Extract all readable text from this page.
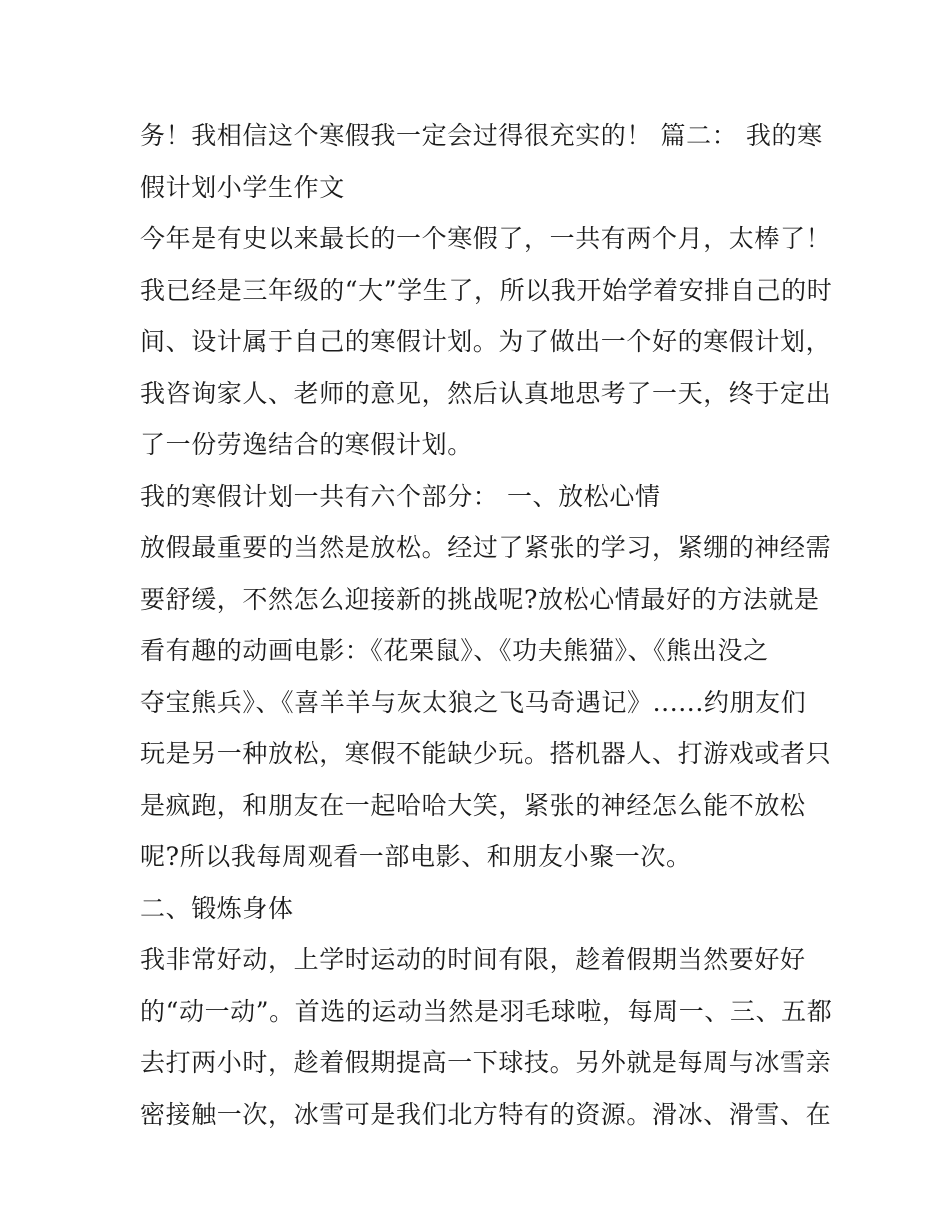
务！我相信这个寒假我一定会过得很充实的！ 篇二： 我的寒
假计划小学生作文
今年是有史以来最长的一个寒假了，一共有两个月，太棒了！
我已经是三年级的“大”学生了，所以我开始学着安排自己的时
间、设计属于自己的寒假计划。为了做出一个好的寒假计划，
我咨询家人、老师的意见，然后认真地思考了一天，终于定出
了一份劳逸结合的寒假计划。
我的寒假计划一共有六个部分： 一、放松心情
放假最重要的当然是放松。经过了紧张的学习，紧绷的神经需
要舒缓，不然怎么迎接新的挑战呢?放松心情最好的方法就是
看有趣的动画电影：《花栗鼠》、《功夫熊猫》、《熊出没之
夺宝熊兵》、《喜羊羊与灰太狼之飞马奇遇记》......约朋友们
玩是另一种放松，寒假不能缺少玩。搭机器人、打游戏或者只
是疯跑，和朋友在一起哈哈大笑，紧张的神经怎么能不放松
呢?所以我每周观看一部电影、和朋友小聚一次。
二、锻炼身体
我非常好动，上学时运动的时间有限，趁着假期当然要好好
的“动一动”。首选的运动当然是羽毛球啦，每周一、三、五都
去打两小时，趁着假期提高一下球技。另外就是每周与冰雪亲
密接触一次，冰雪可是我们北方特有的资源。滑冰、滑雪、在
